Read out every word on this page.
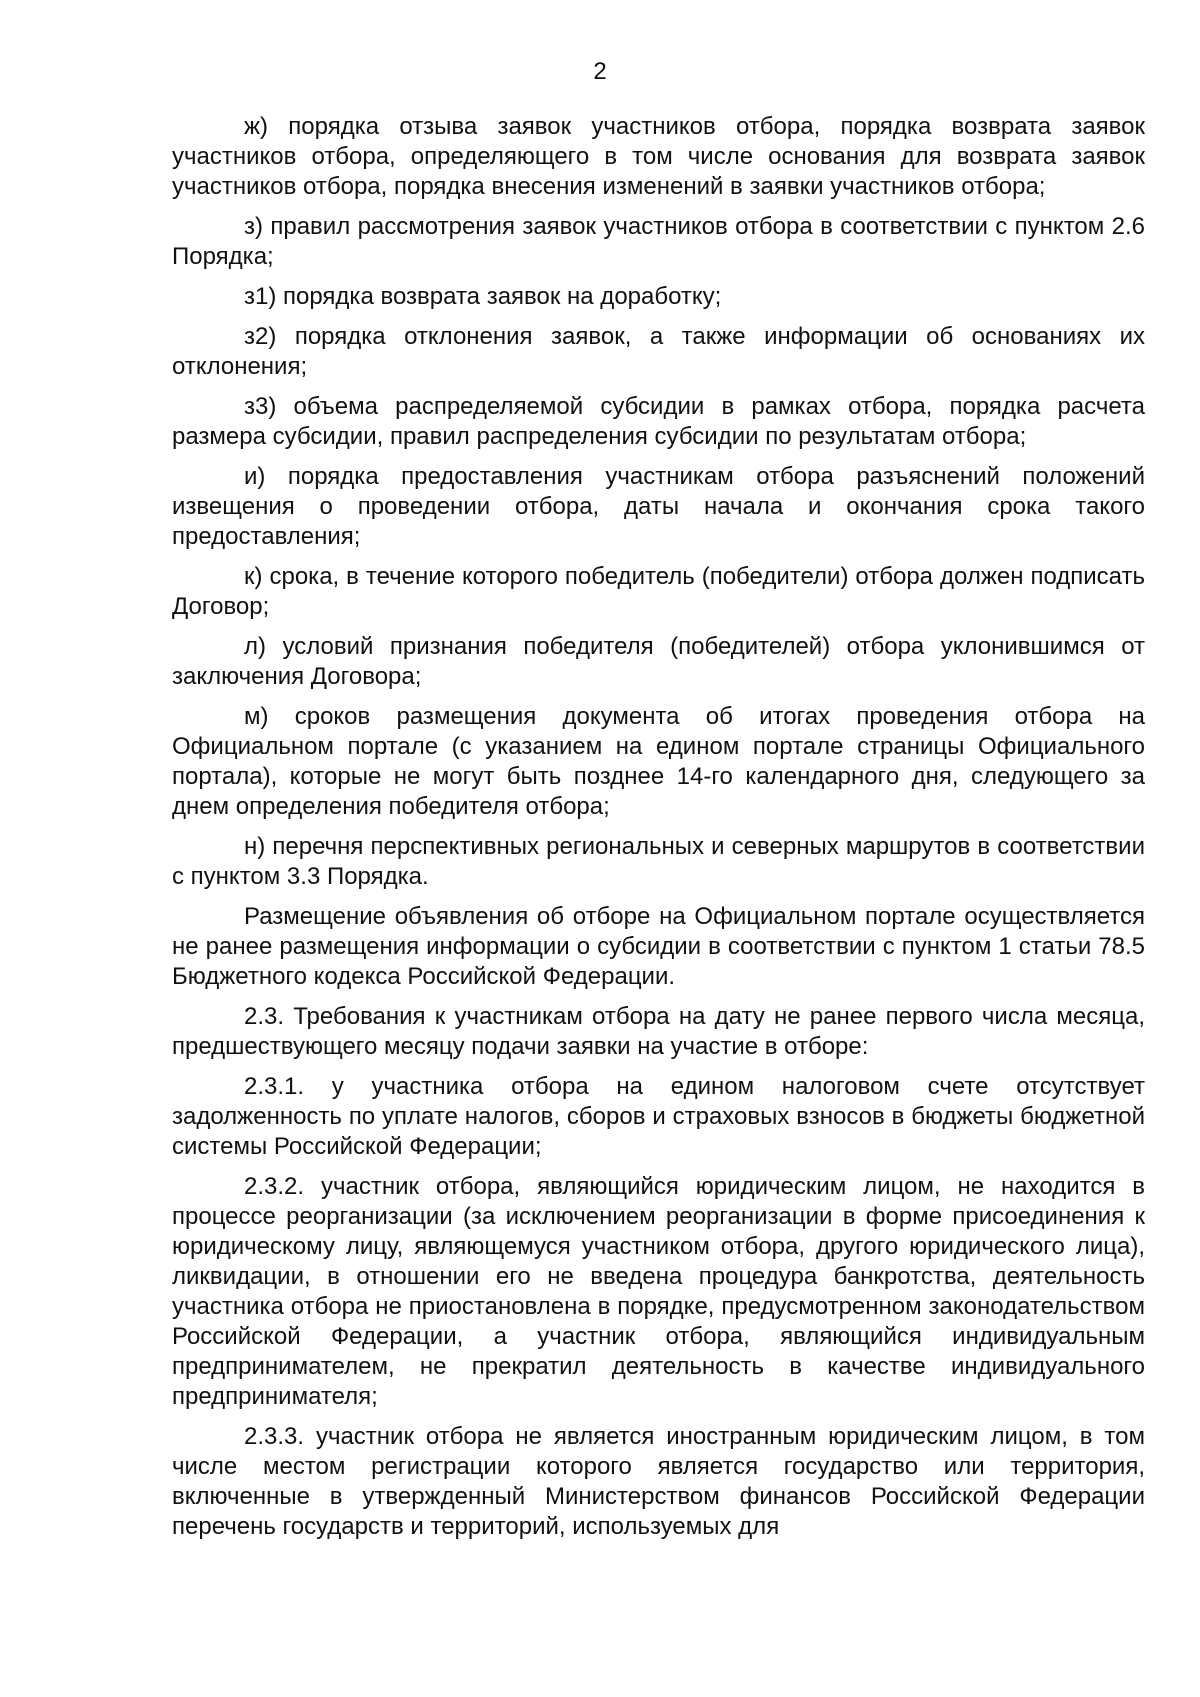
2

ж) порядка отзыва заявок участников отбора, порядка возврата заявок участников отбора, определяющего в том числе основания для возврата заявок участников отбора, порядка внесения изменений в заявки участников отбора;

з) правил рассмотрения заявок участников отбора в соответствии с пунктом 2.6 Порядка;

з1) порядка возврата заявок на доработку;

з2) порядка отклонения заявок, а также информации об основаниях их отклонения;

з3) объема распределяемой субсидии в рамках отбора, порядка расчета размера субсидии, правил распределения субсидии по результатам отбора;

и) порядка предоставления участникам отбора разъяснений положений извещения о проведении отбора, даты начала и окончания срока такого предоставления;

к) срока, в течение которого победитель (победители) отбора должен подписать Договор;

л) условий признания победителя (победителей) отбора уклонившимся от заключения Договора;

м) сроков размещения документа об итогах проведения отбора на Официальном портале (с указанием на едином портале страницы Официального портала), которые не могут быть позднее 14-го календарного дня, следующего за днем определения победителя отбора;

н) перечня перспективных региональных и северных маршрутов в соответствии с пунктом 3.3 Порядка.

Размещение объявления об отборе на Официальном портале осуществляется не ранее размещения информации о субсидии в соответствии с пунктом 1 статьи 78.5 Бюджетного кодекса Российской Федерации.

2.3. Требования к участникам отбора на дату не ранее первого числа месяца, предшествующего месяцу подачи заявки на участие в отборе:

2.3.1. у участника отбора на едином налоговом счете отсутствует задолженность по уплате налогов, сборов и страховых взносов в бюджеты бюджетной системы Российской Федерации;

2.3.2. участник отбора, являющийся юридическим лицом, не находится в процессе реорганизации (за исключением реорганизации в форме присоединения к юридическому лицу, являющемуся участником отбора, другого юридического лица), ликвидации, в отношении его не введена процедура банкротства, деятельность участника отбора не приостановлена в порядке, предусмотренном законодательством Российской Федерации, а участник отбора, являющийся индивидуальным предпринимателем, не прекратил деятельность в качестве индивидуального предпринимателя;

2.3.3. участник отбора не является иностранным юридическим лицом, в том числе местом регистрации которого является государство или территория, включенные в утвержденный Министерством финансов Российской Федерации перечень государств и территорий, используемых для
